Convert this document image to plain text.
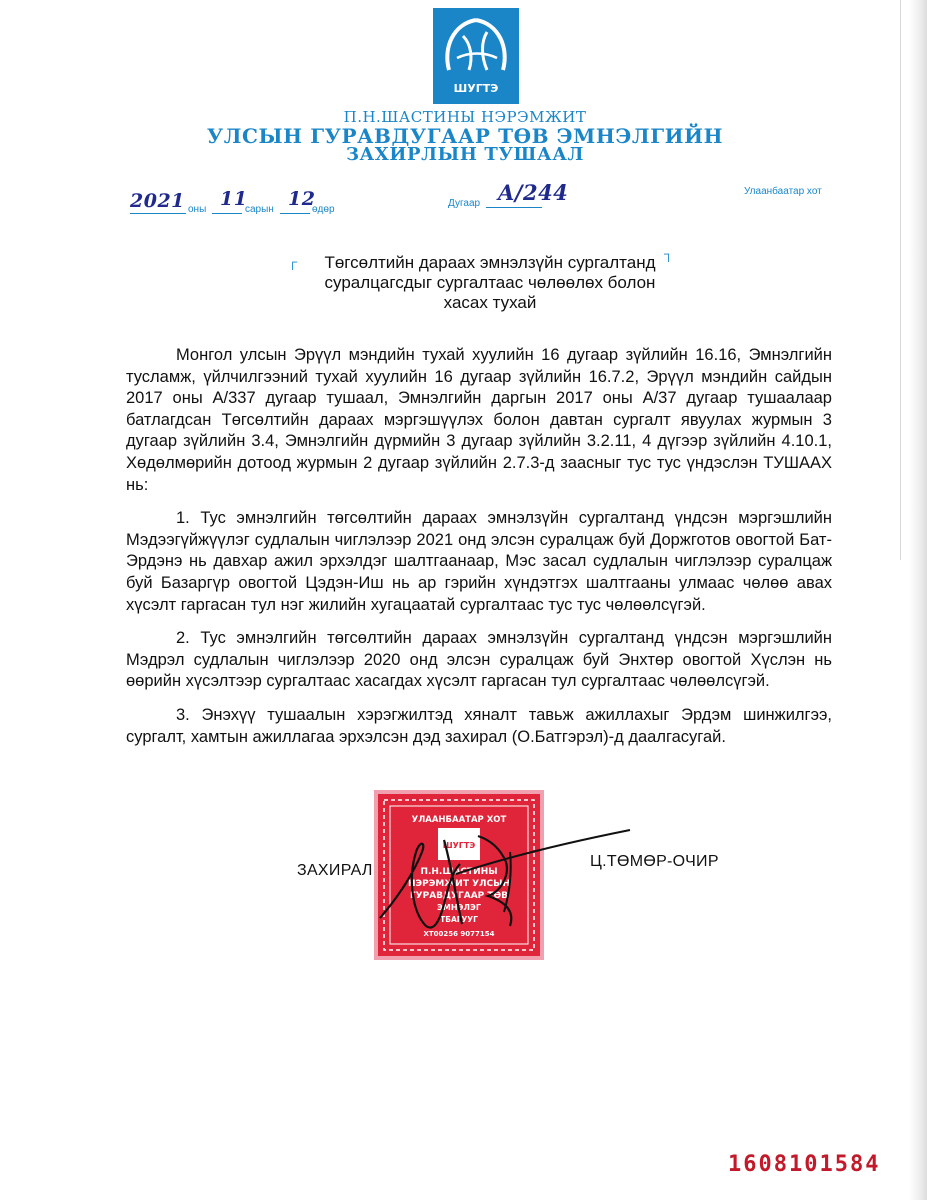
ШУГТЭ
П.Н.ШАСТИНЫ НЭРЭМЖИТ
УЛСЫН ГУРАВДУГААР ТӨВ ЭМНЭЛГИЙН
ЗАХИРЛЫН ТУШААЛ
2021 оны 11
сарын 12
өдөр
Дугаар A/244	Улаанбаатар хот
┌
┐
Төгсөлтийн дараах эмнэлзүйн сургалтанд
суралцагсдыг сургалтаас чөлөөлөх болон
хасах тухай

Монгол улсын Эрүүл мэндийн тухай хуулийн 16 дугаар зүйлийн 16.16, Эмнэлгийн тусламж, үйлчилгээний тухай хуулийн 16 дугаар зүйлийн 16.7.2, Эрүүл мэндийн сайдын 2017 оны А/337 дугаар тушаал, Эмнэлгийн даргын 2017 оны А/37 дугаар тушаалаар батлагдсан Төгсөлтийн дараах мэргэшүүлэх болон давтан сургалт явуулах журмын 3 дугаар зүйлийн 3.4, Эмнэлгийн дүрмийн 3 дугаар зүйлийн 3.2.11, 4 дүгээр зүйлийн 4.10.1, Хөдөлмөрийн дотоод журмын 2 дугаар зүйлийн 2.7.3-д заасныг тус тус үндэслэн ТУШААХ нь:

1. Тус эмнэлгийн төгсөлтийн дараах эмнэлзүйн сургалтанд үндсэн мэргэшлийн Мэдээгүйжүүлэг судлалын чиглэлээр 2021 онд элсэн суралцаж буй Доржготов овогтой Бат-Эрдэнэ нь давхар ажил эрхэлдэг шалтгаанаар, Мэс засал судлалын чиглэлээр суралцаж буй Базаргүр овогтой Цэдэн-Иш нь ар гэрийн хүндэтгэх шалтгааны улмаас чөлөө авах хүсэлт гаргасан тул нэг жилийн хугацаатай сургалтаас тус тус чөлөөлсүгэй.

2. Тус эмнэлгийн төгсөлтийн дараах эмнэлзүйн сургалтанд үндсэн мэргэшлийн Мэдрэл судлалын чиглэлээр 2020 онд элсэн суралцаж буй Энхтөр овогтой Хүслэн нь өөрийн хүсэлтээр сургалтаас хасагдах хүсэлт гаргасан тул сургалтаас чөлөөлсүгэй.

3. Энэхүү тушаалын хэрэгжилтэд хяналт тавьж ажиллахыг Эрдэм шинжилгээ, сургалт, хамтын ажиллагаа эрхэлсэн дэд захирал (О.Батгэрэл)-д даалгасугай.

УЛААНБААТАР ХОТ
ШУГТЭ
П.Н.ШАСТИНЫ
НЭРЭМЖИТ УЛСЫН
ГУРАВДУГААР ТӨВ
ЭМНЭЛЭГ
ТБАГУУГ
ХТ00256 9077154
ЗАХИРАЛ
Ц.ТӨМӨР-ОЧИР
1608101584
